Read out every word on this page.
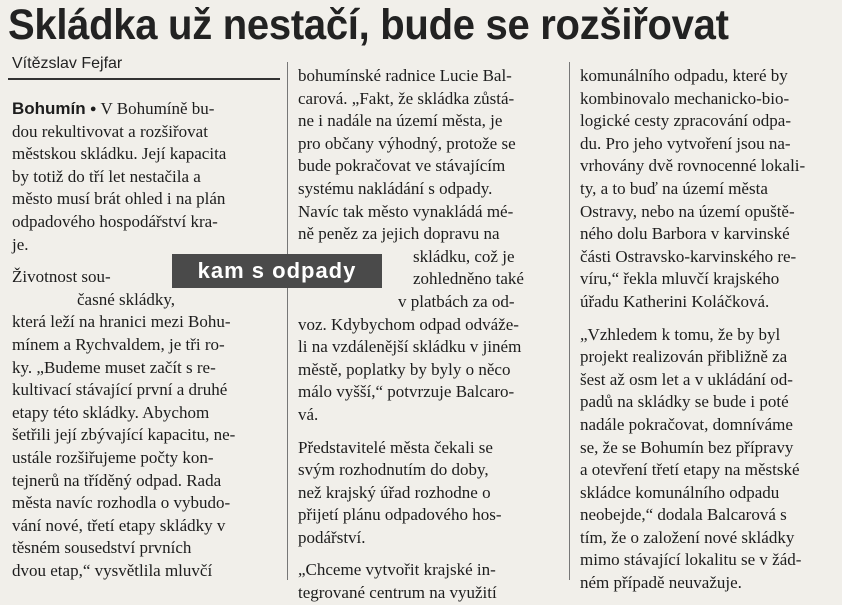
Skládka už nestačí, bude se rozšiřovat
Vítězslav Fejfar

Bohumín ● V Bohumíně bu-

dou rekultivovat a rozšiřovat

městskou skládku. Její kapacita

by totiž do tří let nestačila a

město musí brát ohled i na plán

odpadového hospodářství kra-

je.

Životnost sou-

časné skládky,

která leží na hranici mezi Bohu-

mínem a Rychvaldem, je tři ro-

ky. „Budeme muset začít s re-

kultivací stávající první a druhé

etapy této skládky. Abychom

šetřili její zbývající kapacitu, ne-

ustále rozšiřujeme počty kon-

tejnerů na tříděný odpad. Rada

města navíc rozhodla o vybudo-

vání nové, třetí etapy skládky v

těsném sousedství prvních

dvou etap,“ vysvětlila mluvčí

bohumínské radnice Lucie Bal-

carová. „Fakt, že skládka zůstá-

ne i nadále na území města, je

pro občany výhodný, protože se

bude pokračovat ve stávajícím

systému nakládání s odpady.

Navíc tak město vynakládá mé-

ně peněz za jejich dopravu na

skládku, což je

zohledněno také

v platbách za od-

voz. Kdybychom odpad odváže-

li na vzdálenější skládku v jiném

městě, poplatky by byly o něco

málo vyšší,“ potvrzuje Balcaro-

vá.

Představitelé města čekali se

svým rozhodnutím do doby,

než krajský úřad rozhodne o

přijetí plánu odpadového hos-

podářství.

„Chceme vytvořit krajské in-

tegrované centrum na využití

komunálního odpadu, které by

kombinovalo mechanicko-bio-

logické cesty zpracování odpa-

du. Pro jeho vytvoření jsou na-

vrhovány dvě rovnocenné lokali-

ty, a to buď na území města

Ostravy, nebo na území opuště-

ného dolu Barbora v karvinské

části Ostravsko-karvinského re-

víru,“ řekla mluvčí krajského

úřadu Katherini Koláčková.

„Vzhledem k tomu, že by byl

projekt realizován přibližně za

šest až osm let a v ukládání od-

padů na skládky se bude i poté

nadále pokračovat, domníváme

se, že se Bohumín bez přípravy

a otevření třetí etapy na městské

skládce komunálního odpadu

neobejde,“ dodala Balcarová s

tím, že o založení nové skládky

mimo stávající lokalitu se v žád-

ném případě neuvažuje.

kam s odpady
